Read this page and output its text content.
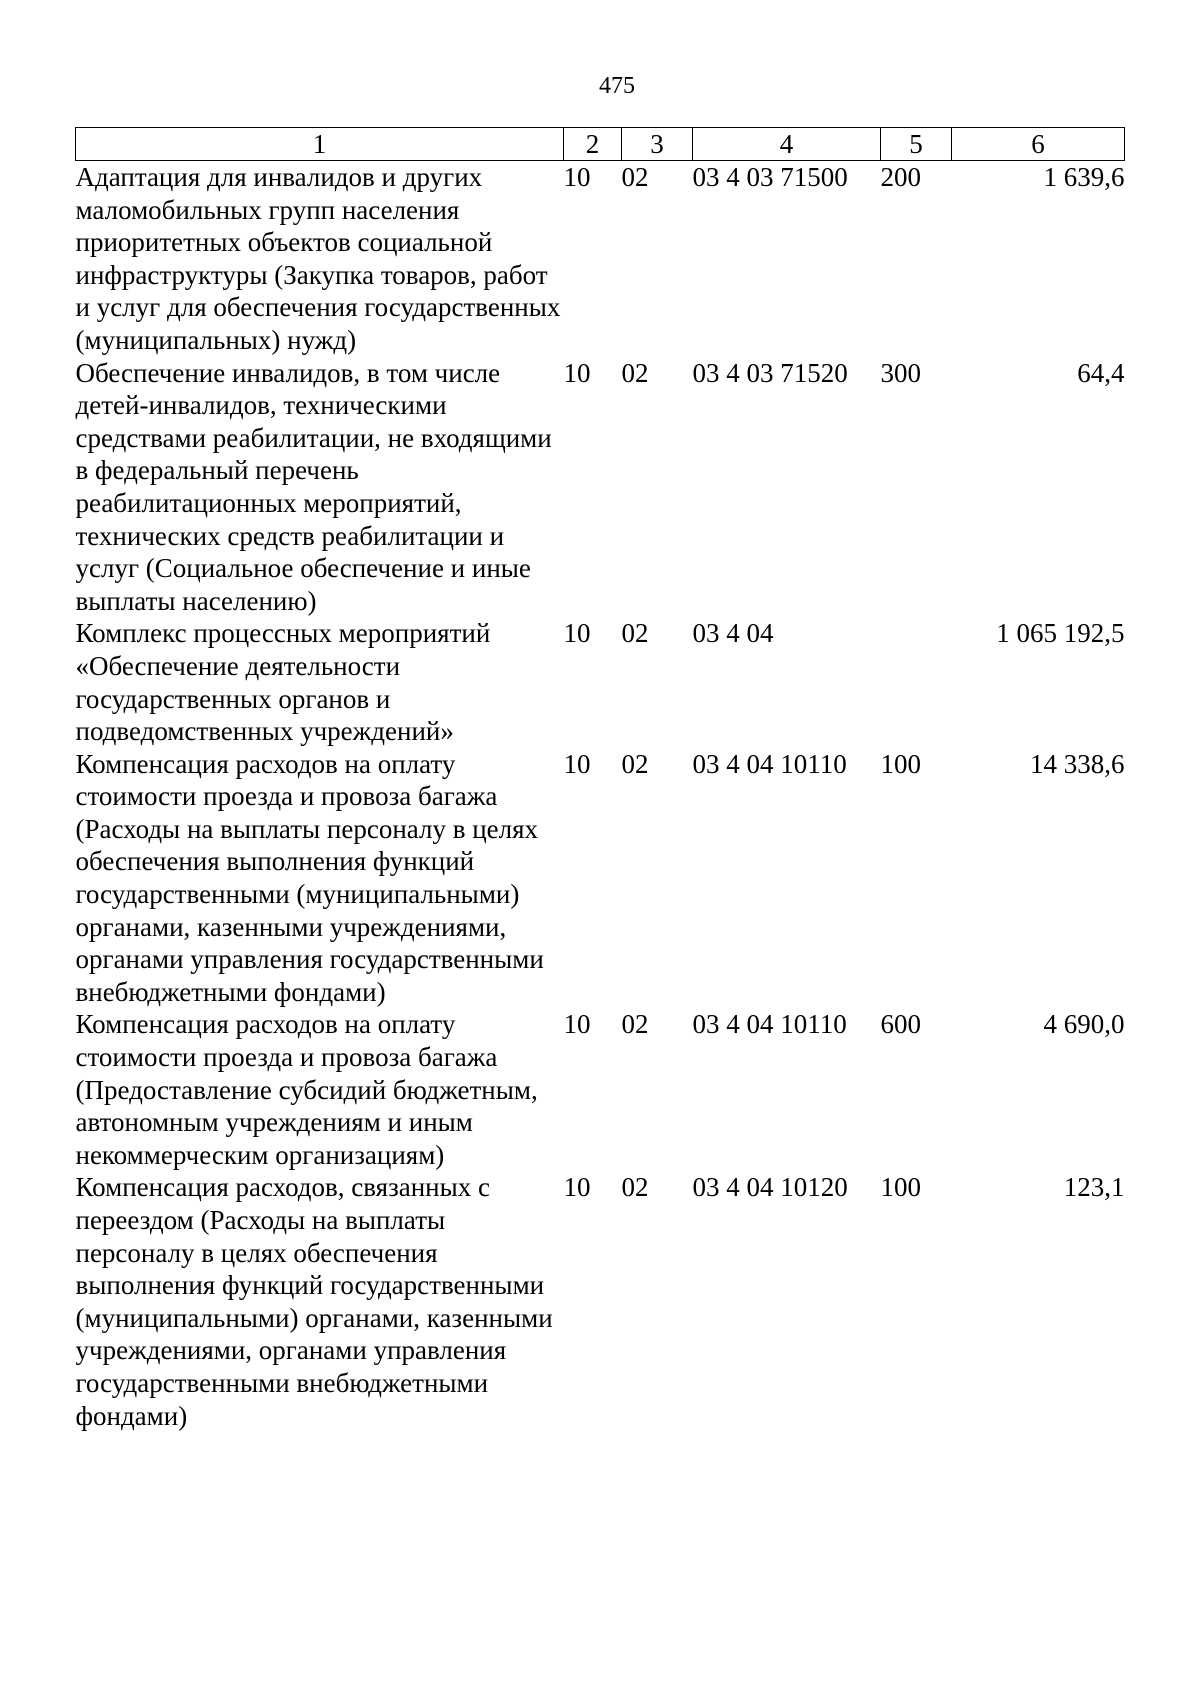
475
1	2	3	4	5	6
Адаптация для инвалидов и других маломобильных групп населения приоритетных объектов социальной инфраструктуры (Закупка товаров, работ и услуг для обеспечения государственных (муниципальных) нужд)	10	02	03 4 03 71500	200	1 639,6
Обеспечение инвалидов, в том числе детей-инвалидов, техническими средствами реабилитации, не входящими в федеральный перечень реабилитационных мероприятий, технических средств реабилитации и услуг (Социальное обеспечение и иные выплаты населению)	10	02	03 4 03 71520	300	64,4
Комплекс процессных мероприятий «Обеспечение деятельности государственных органов и подведомственных учреждений»	10	02	03 4 04		1 065 192,5
Компенсация расходов на оплату стоимости проезда и провоза багажа (Расходы на выплаты персоналу в целях обеспечения выполнения функций государственными (муниципальными) органами, казенными учреждениями, органами управления государственными внебюджетными фондами)	10	02	03 4 04 10110	100	14 338,6
Компенсация расходов на оплату стоимости проезда и провоза багажа (Предоставление субсидий бюджетным, автономным учреждениям и иным некоммерческим организациям)	10	02	03 4 04 10110	600	4 690,0
Компенсация расходов, связанных с переездом (Расходы на выплаты персоналу в целях обеспечения выполнения функций государственными (муниципальными) органами, казенными учреждениями, органами управления государственными внебюджетными фондами)	10	02	03 4 04 10120	100	123,1
